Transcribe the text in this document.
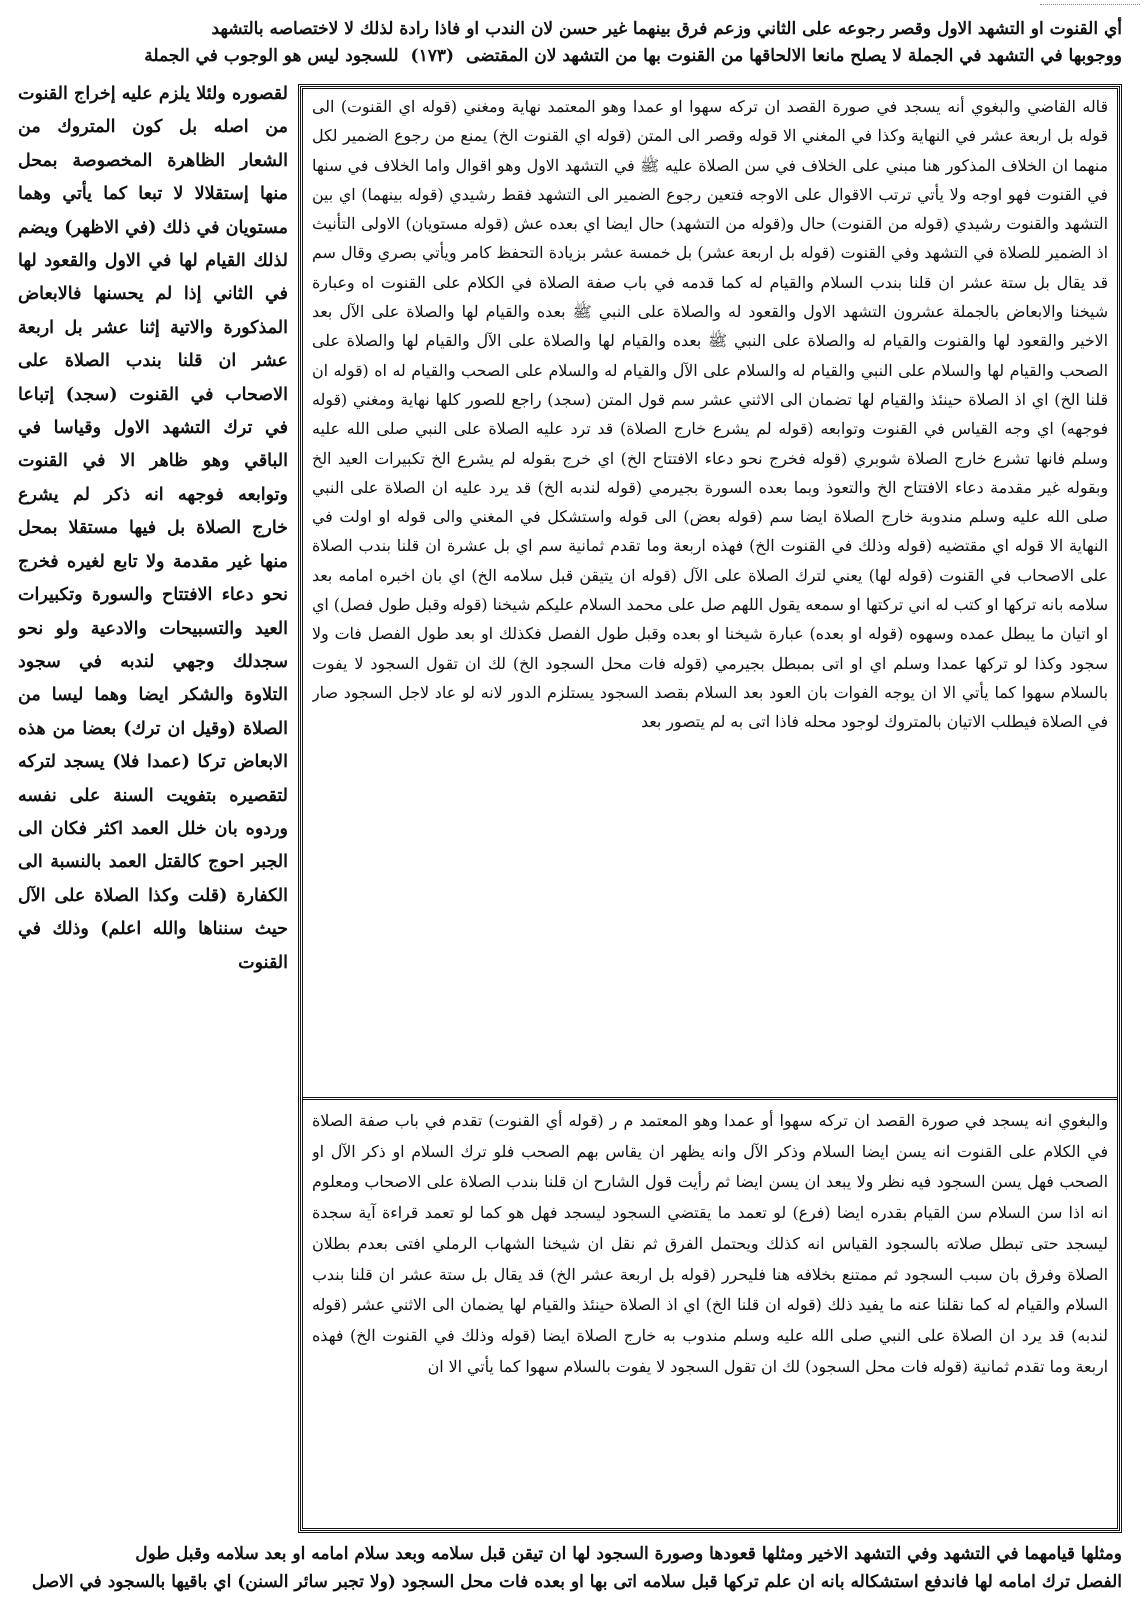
أي القنوت او التشهد الاول وقصر رجوعه على الثاني وزعم فرق بينهما غير حسن لان الندب او فاذا رادة لذلك لا لاختصاصه بالتشهد

ووجوبها في التشهد في الجملة لا يصلح مانعا الالحاقها من القنوت بها من التشهد لان المقتضى (١٧٣) للسجود ليس هو الوجوب في الجملة

لقصوره ولئلا يلزم عليه إخراج القنوت من اصله بل كون المتروك من الشعار الظاهرة المخصوصة بمحل منها إستقلالا لا تبعا كما يأتي وهما مستويان في ذلك (في الاظهر) ويضم لذلك القيام لها في الاول والقعود لها في الثاني إذا لم يحسنها فالابعاض المذكورة والاتية إثنا عشر بل اربعة عشر ان قلنا بندب الصلاة على الاصحاب في القنوت (سجد) إتباعا في ترك التشهد الاول وقياسا في الباقي وهو ظاهر الا في القنوت وتوابعه فوجهه انه ذكر لم يشرع خارج الصلاة بل فيها مستقلا بمحل منها غير مقدمة ولا تابع لغيره فخرج نحو دعاء الافتتاح والسورة وتكبيرات العيد والتسبيحات والادعية ولو نحو سجدلك وجهي لندبه في سجود التلاوة والشكر ايضا وهما ليسا من الصلاة (وقيل ان ترك) بعضا من هذه الابعاض تركا (عمدا فلا) يسجد لتركه لتقصيره بتفويت السنة على نفسه وردوه بان خلل العمد اكثر فكان الى الجبر احوج كالقتل العمد بالنسبة الى الكفارة (قلت وكذا الصلاة على الآل حيث سنناها والله اعلم) وذلك في القنوت
قاله القاضي والبغوي أنه يسجد في صورة القصد ان تركه سهوا او عمدا وهو المعتمد نهاية ومغني (قوله اي القنوت) الى قوله بل اربعة عشر في النهاية وكذا في المغني الا قوله وقصر الى المتن (قوله اي القنوت الخ) يمنع من رجوع الضمير لكل منهما ان الخلاف المذكور هنا مبني على الخلاف في سن الصلاة عليه ﷺ في التشهد الاول وهو اقوال واما الخلاف في سنها في القنوت فهو اوجه ولا يأتي ترتب الاقوال على الاوجه فتعين رجوع الضمير الى التشهد فقط رشيدي (قوله بينهما) اي بين التشهد والقنوت رشيدي (قوله من القنوت) حال و(قوله من التشهد) حال ايضا اي بعده عش (قوله مستويان) الاولى التأنيث اذ الضمير للصلاة في التشهد وفي القنوت (قوله بل اربعة عشر) بل خمسة عشر بزيادة التحفظ كامر ويأتي بصري وقال سم قد يقال بل ستة عشر ان قلنا بندب السلام والقيام له كما قدمه في باب صفة الصلاة في الكلام على القنوت اه وعبارة شيخنا والابعاض بالجملة عشرون التشهد الاول والقعود له والصلاة على النبي ﷺ بعده والقيام لها والصلاة على الآل بعد الاخير والقعود لها والقنوت والقيام له والصلاة على النبي ﷺ بعده والقيام لها والصلاة على الآل والقيام لها والصلاة على الصحب والقيام لها والسلام على النبي والقيام له والسلام على الآل والقيام له والسلام على الصحب والقيام له اه (قوله ان قلنا الخ) اي اذ الصلاة حينئذ والقيام لها تضمان الى الاثني عشر سم قول المتن (سجد) راجع للصور كلها نهاية ومغني (قوله فوجهه) اي وجه القياس في القنوت وتوابعه (قوله لم يشرع خارج الصلاة) قد ترد عليه الصلاة على النبي صلى الله عليه وسلم فانها تشرع خارج الصلاة شوبري (قوله فخرج نحو دعاء الافتتاح الخ) اي خرج بقوله لم يشرع الخ تكبيرات العيد الخ وبقوله غير مقدمة دعاء الافتتاح الخ والتعوذ وبما بعده السورة بجيرمي (قوله لندبه الخ) قد يرد عليه ان الصلاة على النبي صلى الله عليه وسلم مندوبة خارج الصلاة ايضا سم (قوله بعض) الى قوله واستشكل في المغني والى قوله او اولت في النهاية الا قوله اي مقتضيه (قوله وذلك في القنوت الخ) فهذه اربعة وما تقدم ثمانية سم اي بل عشرة ان قلنا بندب الصلاة على الاصحاب في القنوت (قوله لها) يعني لترك الصلاة على الآل (قوله ان يتيقن قبل سلامه الخ) اي بان اخبره امامه بعد سلامه بانه تركها او كتب له اني تركتها او سمعه يقول اللهم صل على محمد السلام عليكم شيخنا (قوله وقبل طول فصل) اي او اتيان ما يبطل عمده وسهوه (قوله او بعده) عبارة شيخنا او بعده وقبل طول الفصل فكذلك او بعد طول الفصل فات ولا سجود وكذا لو تركها عمدا وسلم اي او اتى بمبطل بجيرمي (قوله فات محل السجود الخ) لك ان تقول السجود لا يفوت بالسلام سهوا كما يأتي الا ان يوجه الفوات بان العود بعد السلام بقصد السجود يستلزم الدور لانه لو عاد لاجل السجود صار في الصلاة فيطلب الاتيان بالمتروك لوجود محله فاذا اتى به لم يتصور بعد
والبغوي انه يسجد في صورة القصد ان تركه سهوا أو عمدا وهو المعتمد م ر (قوله أي القنوت) تقدم في باب صفة الصلاة في الكلام على القنوت انه يسن ايضا السلام وذكر الآل وانه يظهر ان يقاس بهم الصحب فلو ترك السلام او ذكر الآل او الصحب فهل يسن السجود فيه نظر ولا يبعد ان يسن ايضا ثم رأيت قول الشارح ان قلنا بندب الصلاة على الاصحاب ومعلوم انه اذا سن السلام سن القيام بقدره ايضا (فرع) لو تعمد ما يقتضي السجود ليسجد فهل هو كما لو تعمد قراءة آية سجدة ليسجد حتى تبطل صلاته بالسجود القياس انه كذلك ويحتمل الفرق ثم نقل ان شيخنا الشهاب الرملي افتى بعدم بطلان الصلاة وفرق بان سبب السجود ثم ممتنع بخلافه هنا فليحرر (قوله بل اربعة عشر الخ) قد يقال بل ستة عشر ان قلنا بندب السلام والقيام له كما نقلنا عنه ما يفيد ذلك (قوله ان قلنا الخ) اي اذ الصلاة حينئذ والقيام لها يضمان الى الاثني عشر (قوله لندبه) قد يرد ان الصلاة على النبي صلى الله عليه وسلم مندوب به خارج الصلاة ايضا (قوله وذلك في القنوت الخ) فهذه اربعة وما تقدم ثمانية (قوله فات محل السجود) لك ان تقول السجود لا يفوت بالسلام سهوا كما يأتي الا ان

ومثلها قيامهما في التشهد وفي التشهد الاخير ومثلها قعودها وصورة السجود لها ان تيقن قبل سلامه وبعد سلام امامه او بعد سلامه وقبل طول

الفصل ترك امامه لها فاندفع استشكاله بانه ان علم تركها قبل سلامه اتى بها او بعده فات محل السجود (ولا تجبر سائر السنن) اي باقيها بالسجود في الاصل
